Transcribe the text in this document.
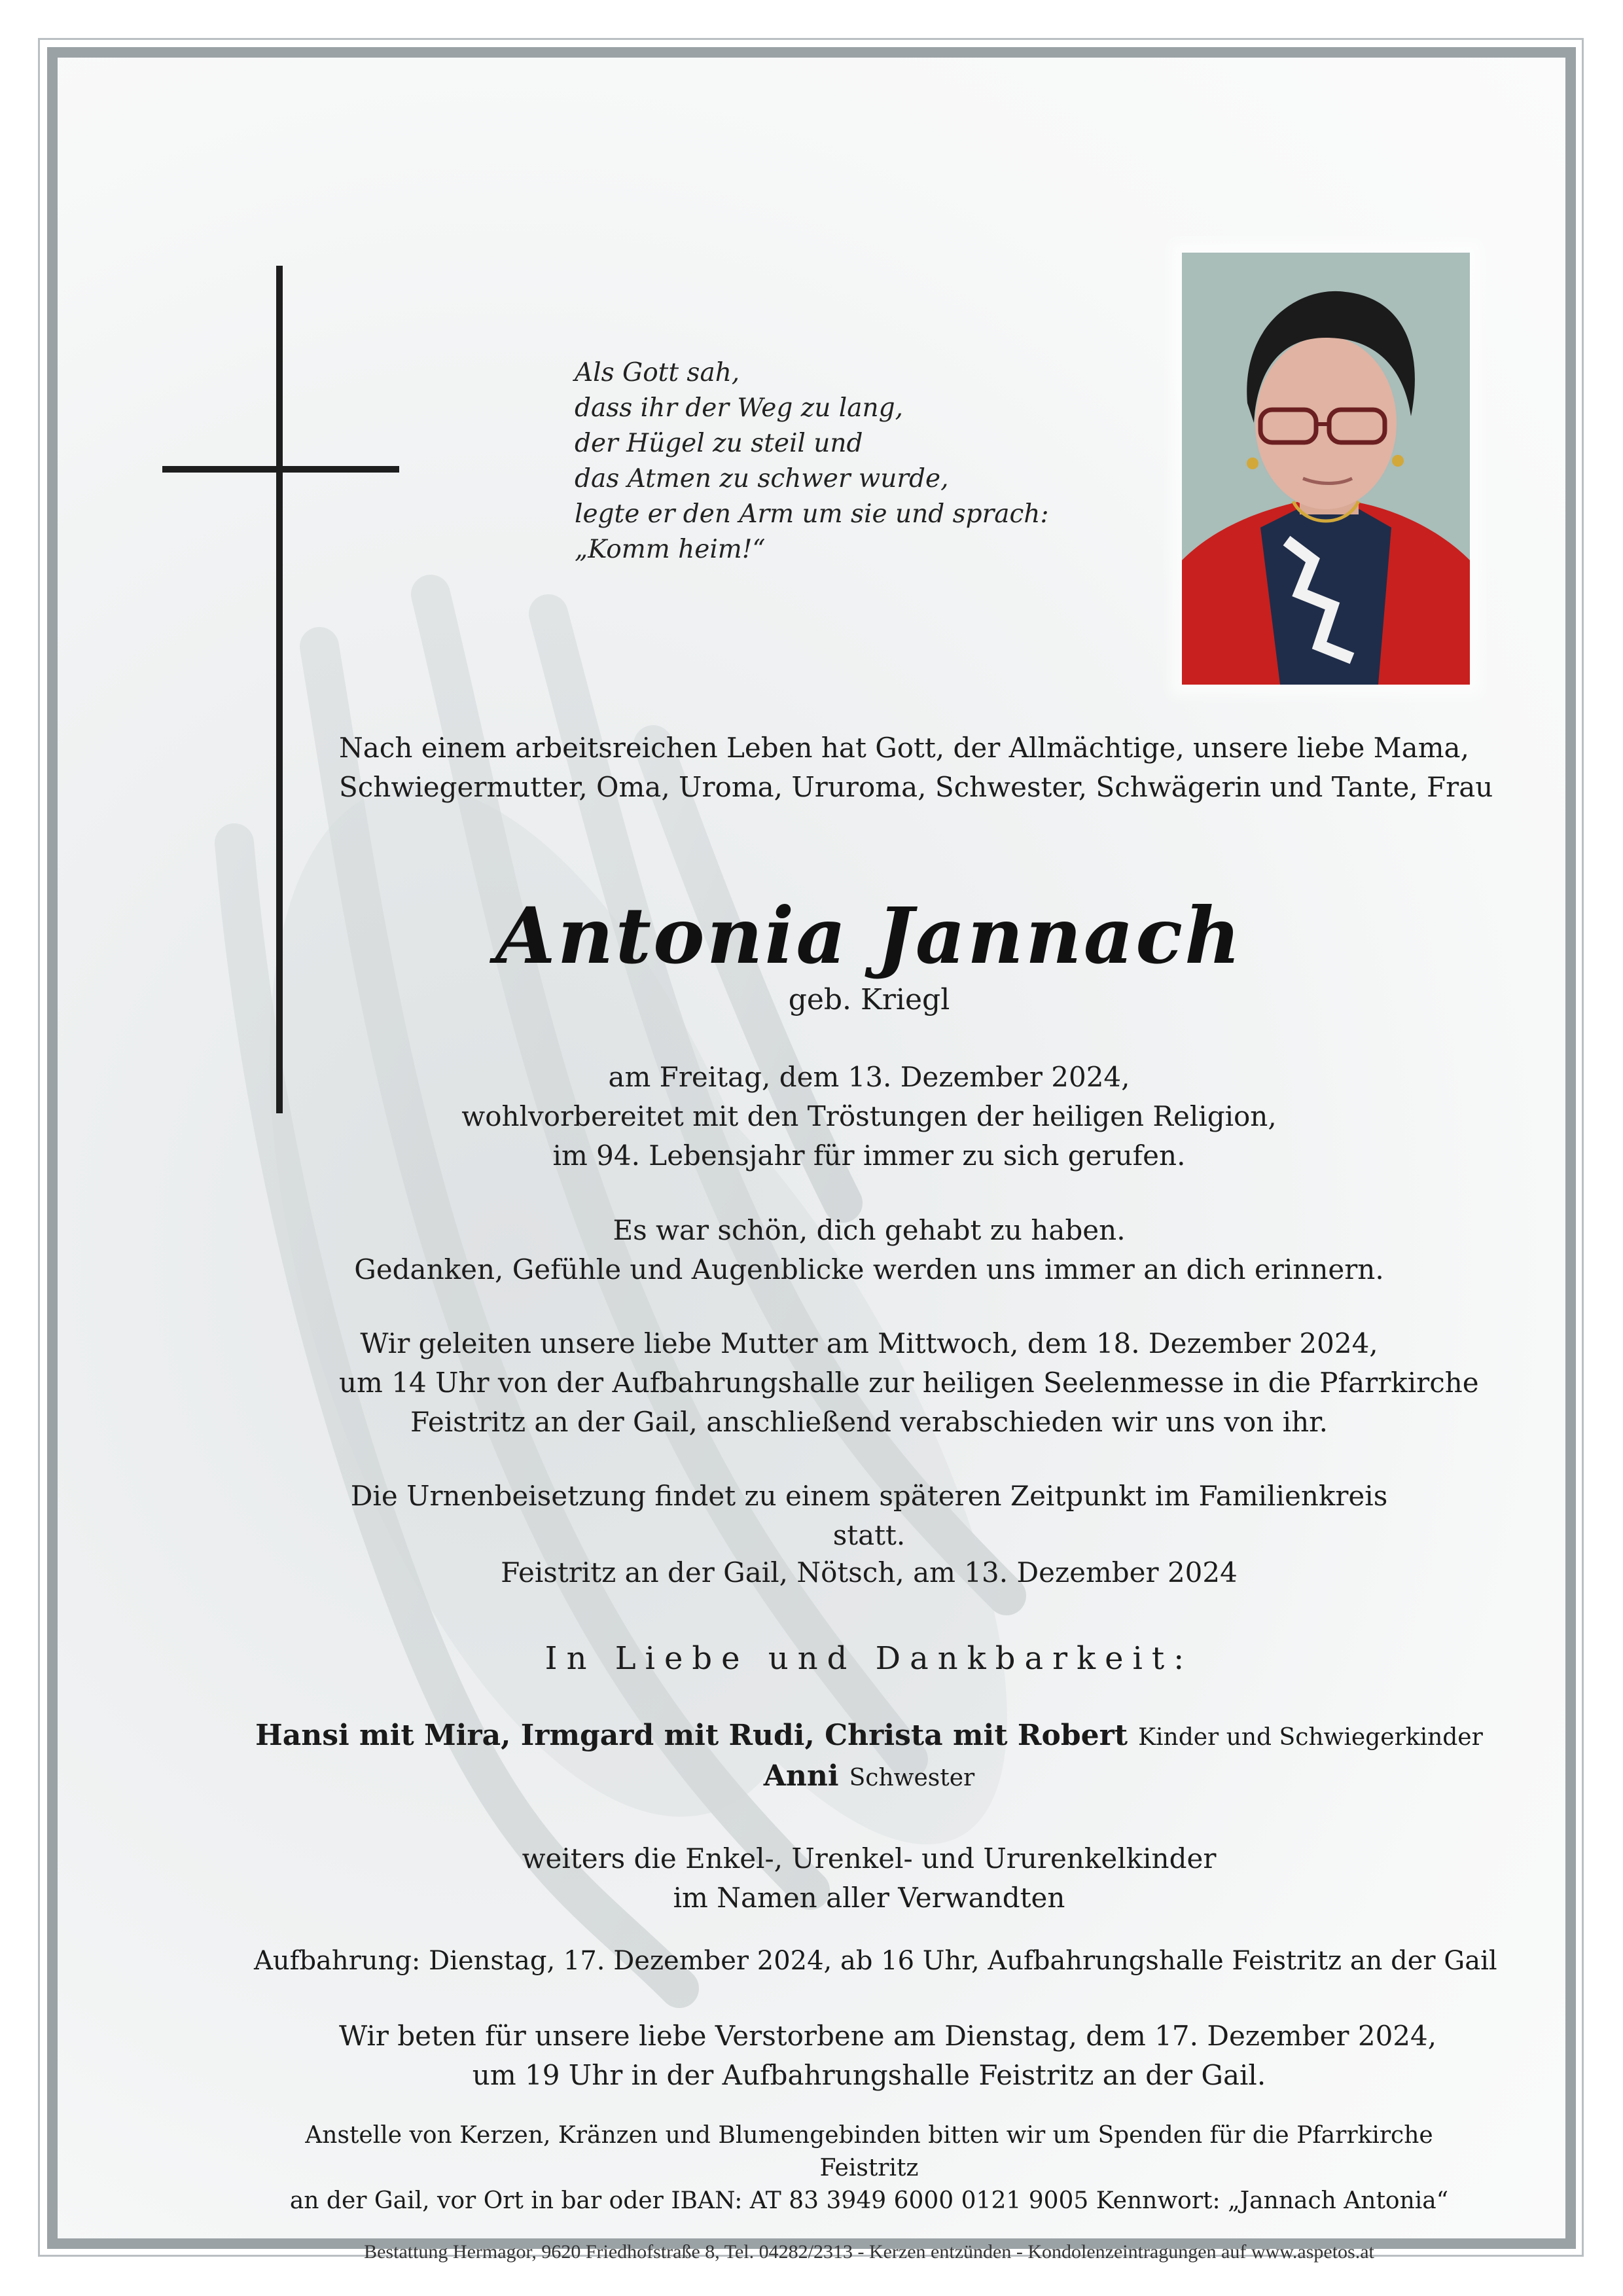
Als Gott sah,
dass ihr der Weg zu lang,
der Hügel zu steil und
das Atmen zu schwer wurde,
legte er den Arm um sie und sprach:
„Komm heim!“
Nach einem arbeitsreichen Leben hat Gott, der Allmächtige, unsere liebe Mama,
Schwiegermutter, Oma, Uroma, Ururoma, Schwester, Schwägerin und Tante, Frau
Antonia Jannach
geb. Kriegl
am Freitag, dem 13. Dezember 2024,
wohlvorbereitet mit den Tröstungen der heiligen Religion,
im 94. Lebensjahr für immer zu sich gerufen.
Es war schön, dich gehabt zu haben.
Gedanken, Gefühle und Augenblicke werden uns immer an dich erinnern.
Wir geleiten unsere liebe Mutter am Mittwoch, dem 18. Dezember 2024,
um 14 Uhr von der Aufbahrungshalle zur heiligen Seelenmesse in die Pfarrkirche
Feistritz an der Gail, anschließend verabschieden wir uns von ihr.
Die Urnenbeisetzung findet zu einem späteren Zeitpunkt im Familienkreis statt.
Feistritz an der Gail, Nötsch, am 13. Dezember 2024
In Liebe und Dankbarkeit:
Hansi mit Mira, Irmgard mit Rudi, Christa mit Robert Kinder und Schwiegerkinder
Anni Schwester
weiters die Enkel-, Urenkel- und Ururenkelkinder
im Namen aller Verwandten
Aufbahrung: Dienstag, 17. Dezember 2024, ab 16 Uhr, Aufbahrungshalle Feistritz an der Gail
Wir beten für unsere liebe Verstorbene am Dienstag, dem 17. Dezember 2024,
um 19 Uhr in der Aufbahrungshalle Feistritz an der Gail.
Anstelle von Kerzen, Kränzen und Blumengebinden bitten wir um Spenden für die Pfarrkirche Feistritz
an der Gail, vor Ort in bar oder IBAN: AT 83 3949 6000 0121 9005 Kennwort: „Jannach Antonia“
Bestattung Hermagor, 9620 Friedhofstraße 8, Tel. 04282/2313 - Kerzen entzünden - Kondolenzeintragungen auf www.aspetos.at
